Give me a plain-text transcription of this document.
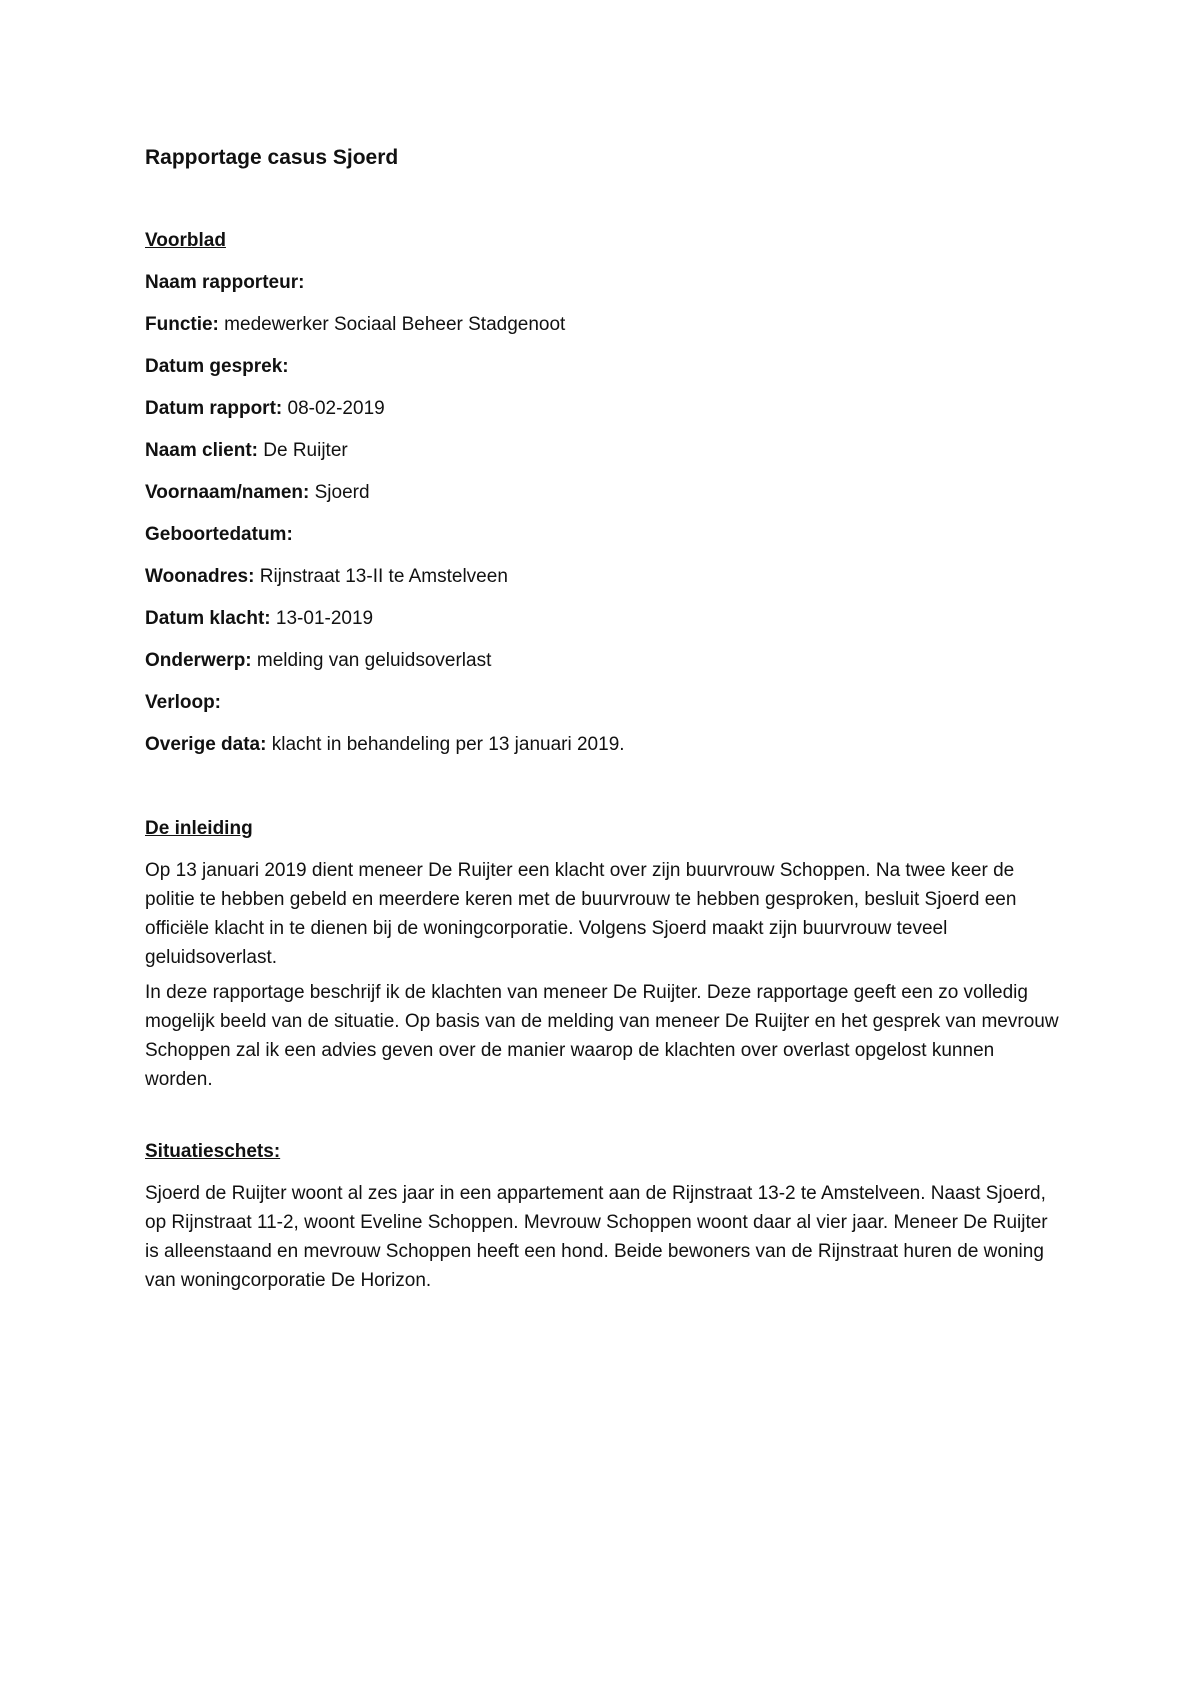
Rapportage casus Sjoerd
Voorblad

Naam rapporteur:

Functie: medewerker Sociaal Beheer Stadgenoot

Datum gesprek:

Datum rapport: 08-02-2019

Naam client: De Ruijter

Voornaam/namen: Sjoerd

Geboortedatum:

Woonadres: Rijnstraat 13-II te Amstelveen

Datum klacht: 13-01-2019

Onderwerp: melding van geluidsoverlast

Verloop:

Overige data: klacht in behandeling per 13 januari 2019.

De inleiding

Op 13 januari 2019 dient meneer De Ruijter een klacht over zijn buurvrouw Schoppen. Na twee keer de politie te hebben gebeld en meerdere keren met de buurvrouw te hebben gesproken, besluit Sjoerd een officiële klacht in te dienen bij de woningcorporatie. Volgens Sjoerd maakt zijn buurvrouw teveel geluidsoverlast.

In deze rapportage beschrijf ik de klachten van meneer De Ruijter. Deze rapportage geeft een zo volledig mogelijk beeld van de situatie. Op basis van de melding van meneer De Ruijter en het gesprek van mevrouw Schoppen zal ik een advies geven over de manier waarop de klachten over overlast opgelost kunnen worden.

Situatieschets:

Sjoerd de Ruijter woont al zes jaar in een appartement aan de Rijnstraat 13-2 te Amstelveen. Naast Sjoerd, op Rijnstraat 11-2, woont Eveline Schoppen. Mevrouw Schoppen woont daar al vier jaar. Meneer De Ruijter is alleenstaand en mevrouw Schoppen heeft een hond. Beide bewoners van de Rijnstraat huren de woning van woningcorporatie De Horizon.
